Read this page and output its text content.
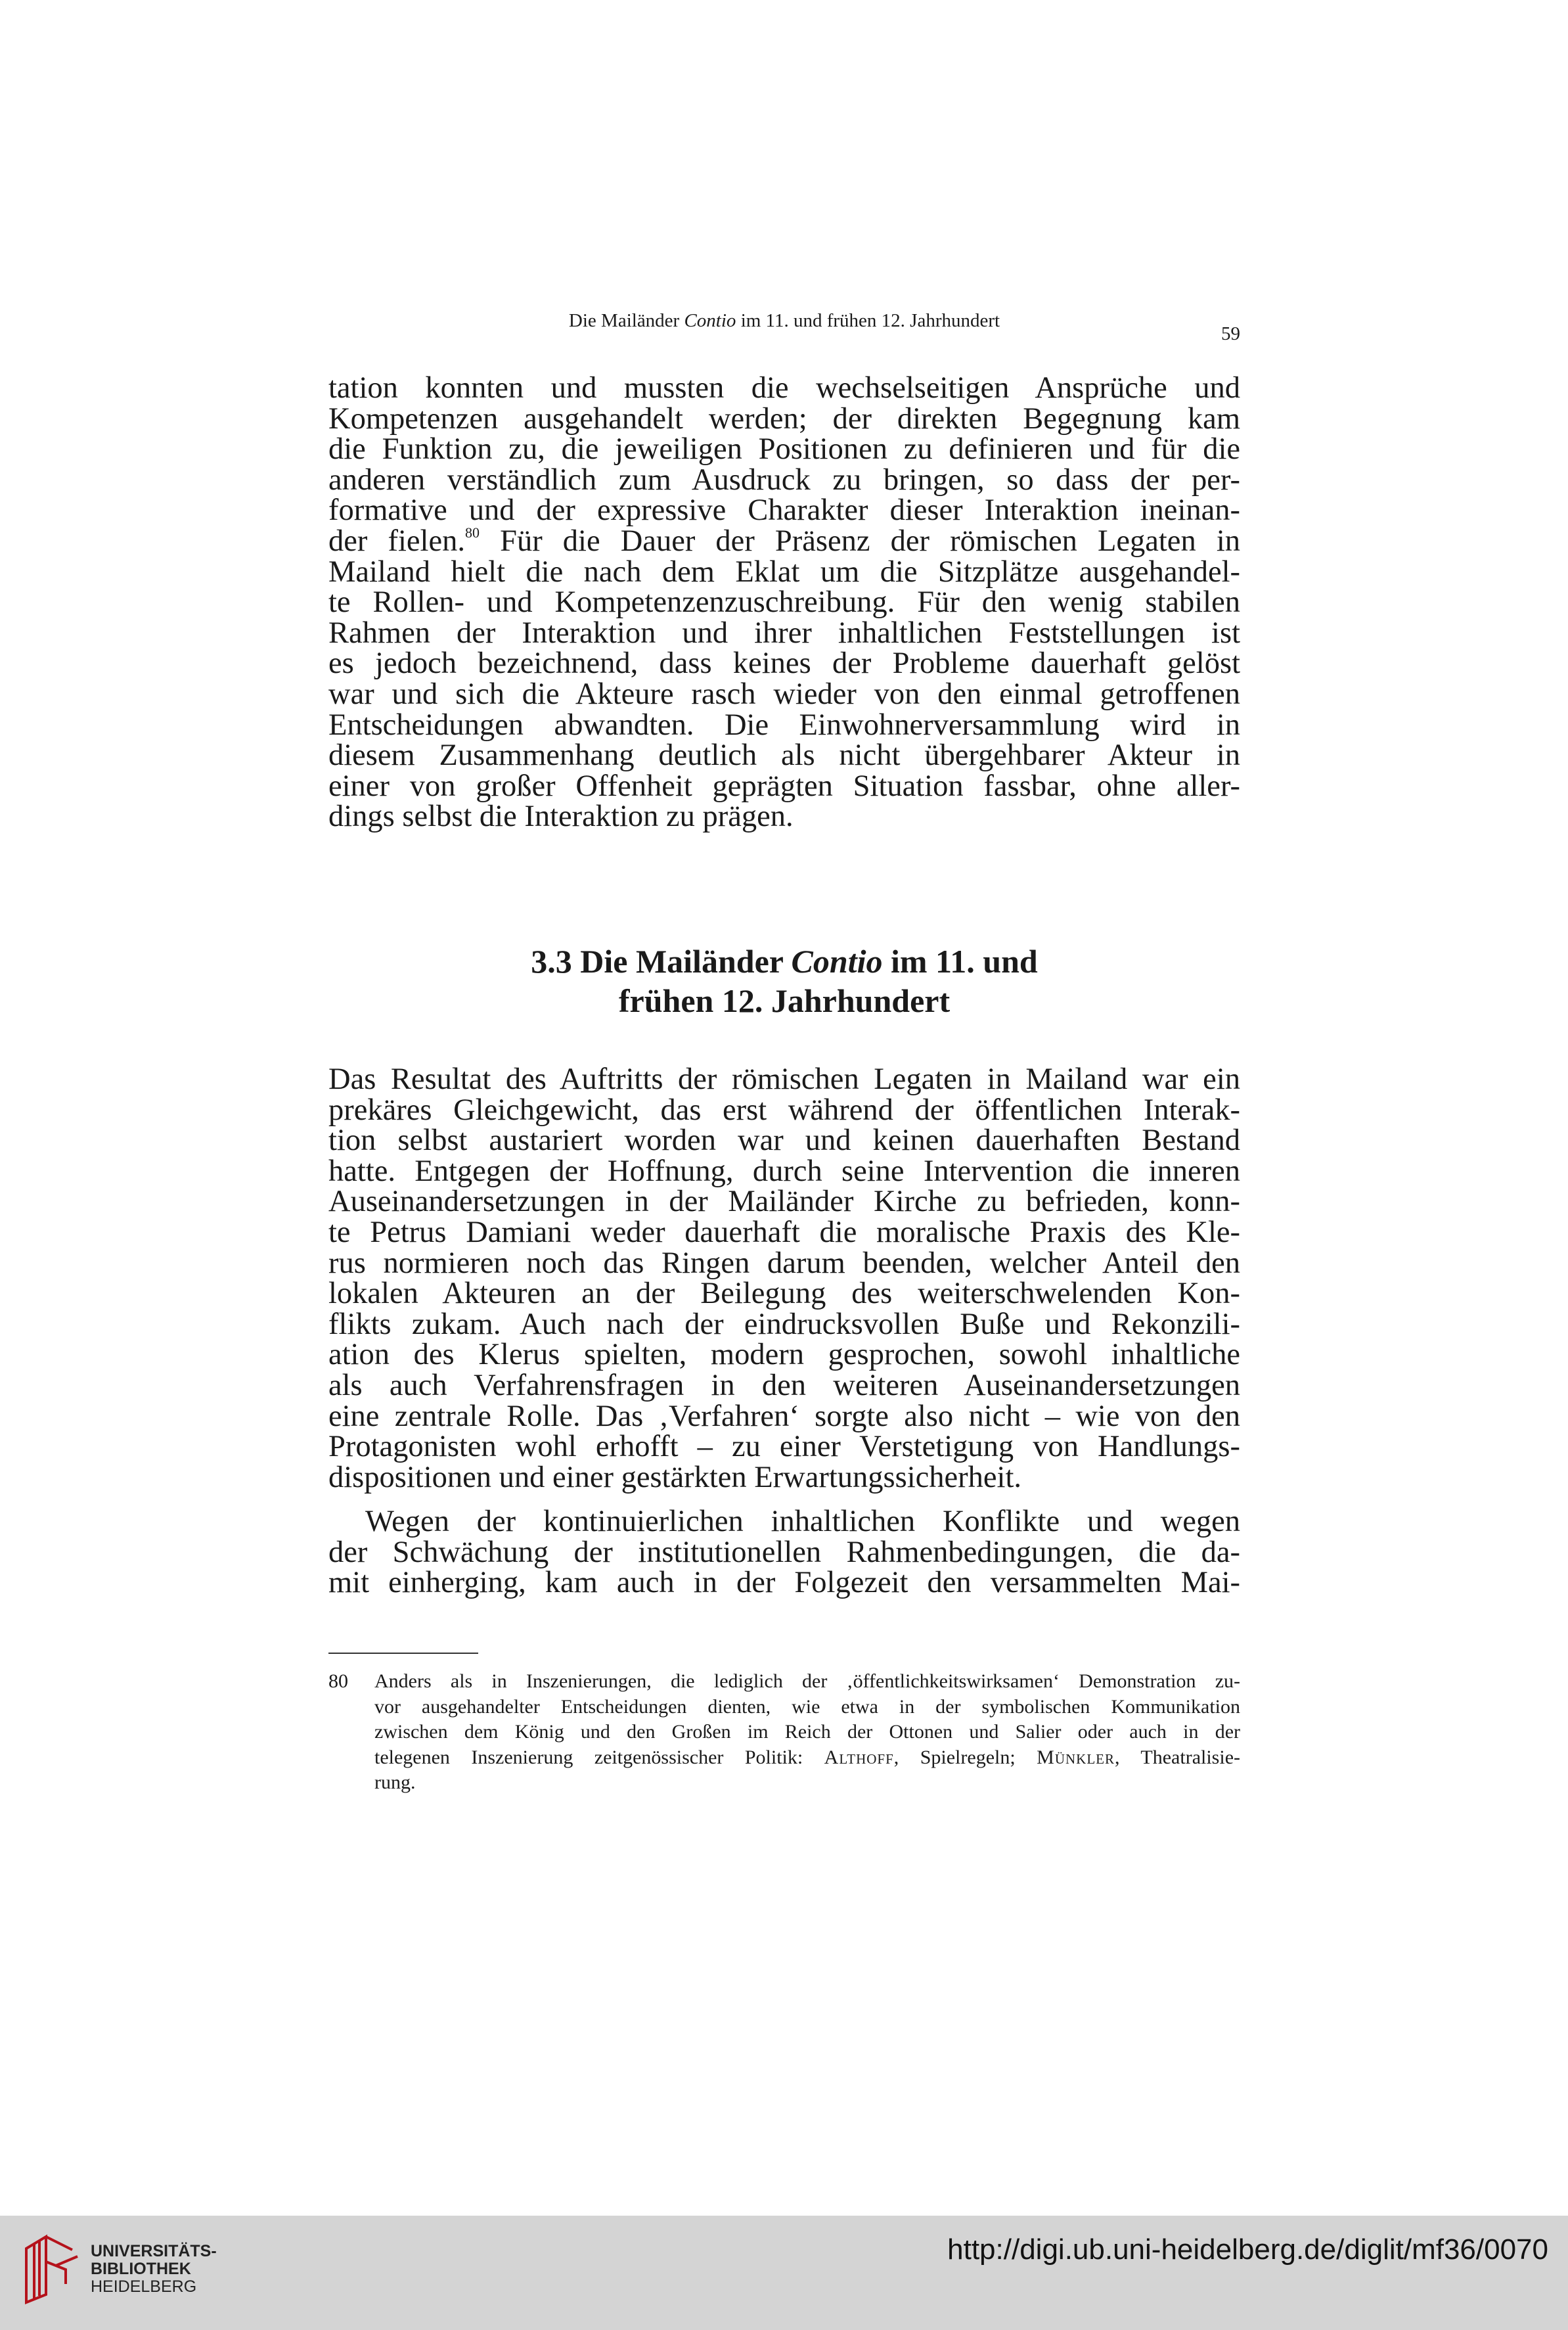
Die Mailänder Contio im 11. und frühen 12. Jahrhundert
59
tation konnten und mussten die wechselseitigen Ansprüche und
Kompetenzen ausgehandelt werden; der direkten Begegnung kam
die Funktion zu, die jeweiligen Positionen zu definieren und für die
anderen verständlich zum Ausdruck zu bringen, so dass der per-
formative und der expressive Charakter dieser Interaktion ineinan-
der fielen.$^{80}$ Für die Dauer der Präsenz der römischen Legaten in
Mailand hielt die nach dem Eklat um die Sitzplätze ausgehandel-
te Rollen- und Kompetenzenzuschreibung. Für den wenig stabilen
Rahmen der Interaktion und ihrer inhaltlichen Feststellungen ist
es jedoch bezeichnend, dass keines der Probleme dauerhaft gelöst
war und sich die Akteure rasch wieder von den einmal getroffenen
Entscheidungen abwandten. Die Einwohnerversammlung wird in
diesem Zusammenhang deutlich als nicht übergehbarer Akteur in
einer von großer Offenheit geprägten Situation fassbar, ohne aller-
dings selbst die Interaktion zu prägen.
3.3 Die Mailänder Contio im 11. und
frühen 12. Jahrhundert
Das Resultat des Auftritts der römischen Legaten in Mailand war ein
prekäres Gleichgewicht, das erst während der öffentlichen Interak-
tion selbst austariert worden war und keinen dauerhaften Bestand
hatte. Entgegen der Hoffnung, durch seine Intervention die inneren
Auseinandersetzungen in der Mailänder Kirche zu befrieden, konn-
te Petrus Damiani weder dauerhaft die moralische Praxis des Kle-
rus normieren noch das Ringen darum beenden, welcher Anteil den
lokalen Akteuren an der Beilegung des weiterschwelenden Kon-
flikts zukam. Auch nach der eindrucksvollen Buße und Rekonzili-
ation des Klerus spielten, modern gesprochen, sowohl inhaltliche
als auch Verfahrensfragen in den weiteren Auseinandersetzungen
eine zentrale Rolle. Das ‚Verfahren‘ sorgte also nicht – wie von den
Protagonisten wohl erhofft – zu einer Verstetigung von Handlungs-
dispositionen und einer gestärkten Erwartungssicherheit.
Wegen der kontinuierlichen inhaltlichen Konflikte und wegen
der Schwächung der institutionellen Rahmenbedingungen, die da-
mit einherging, kam auch in der Folgezeit den versammelten Mai-
80 Anders als in Inszenierungen, die lediglich der ‚öffentlichkeitswirksamen‘ Demonstration zu-
vor ausgehandelter Entscheidungen dienten, wie etwa in der symbolischen Kommunikation
zwischen dem König und den Großen im Reich der Ottonen und Salier oder auch in der
telegenen Inszenierung zeitgenössischer Politik: Althoff, Spielregeln; Münkler, Theatralisie-
rung.
UNIVERSITÄTS-
BIBLIOTHEK
HEIDELBERG
http://digi.ub.uni-heidelberg.de/diglit/mf36/0070
